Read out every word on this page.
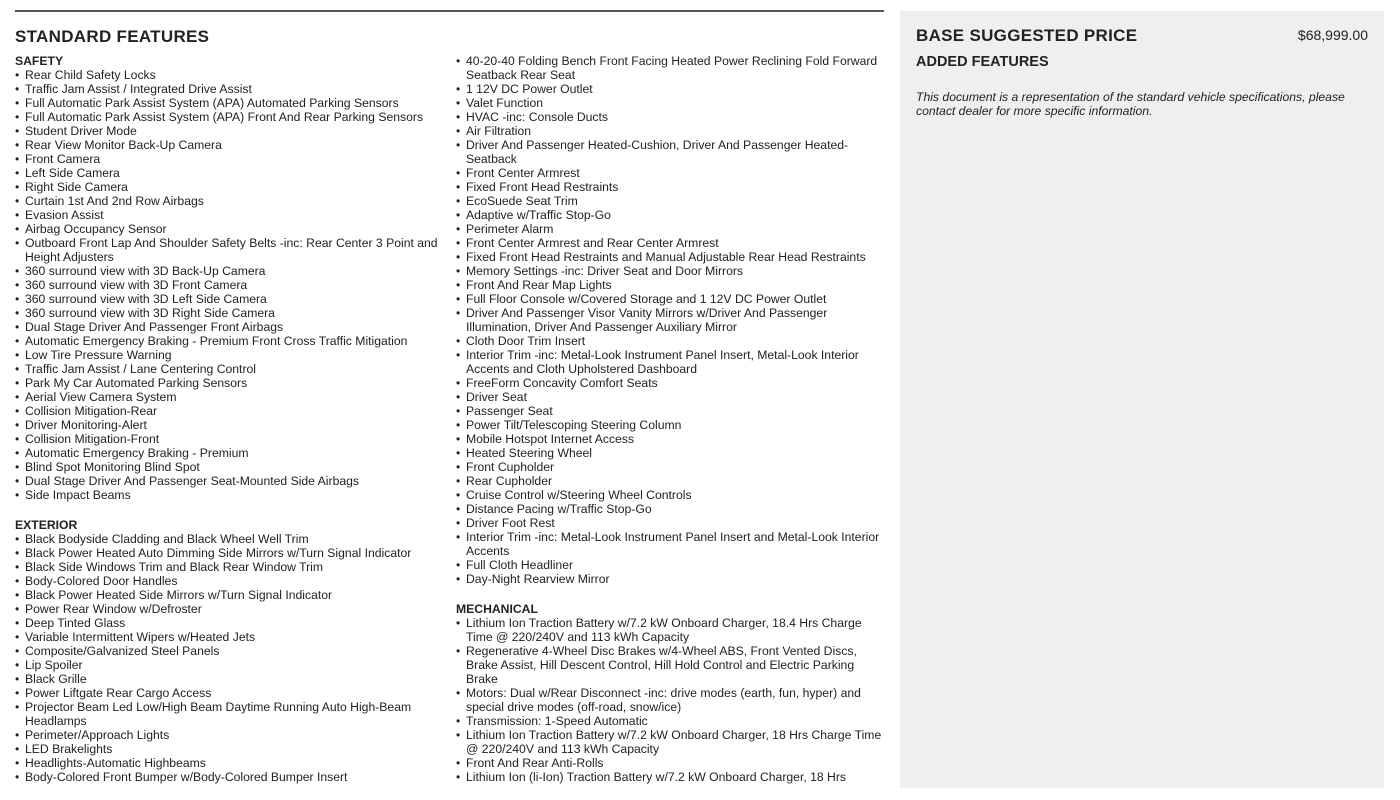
STANDARD FEATURES
SAFETY
• Rear Child Safety Locks
• Traffic Jam Assist / Integrated Drive Assist
• Full Automatic Park Assist System (APA) Automated Parking Sensors
• Full Automatic Park Assist System (APA) Front And Rear Parking Sensors
• Student Driver Mode
• Rear View Monitor Back-Up Camera
• Front Camera
• Left Side Camera
• Right Side Camera
• Curtain 1st And 2nd Row Airbags
• Evasion Assist
• Airbag Occupancy Sensor
• Outboard Front Lap And Shoulder Safety Belts -inc: Rear Center 3 Point and Height Adjusters
• 360 surround view with 3D Back-Up Camera
• 360 surround view with 3D Front Camera
• 360 surround view with 3D Left Side Camera
• 360 surround view with 3D Right Side Camera
• Dual Stage Driver And Passenger Front Airbags
• Automatic Emergency Braking - Premium Front Cross Traffic Mitigation
• Low Tire Pressure Warning
• Traffic Jam Assist / Lane Centering Control
• Park My Car Automated Parking Sensors
• Aerial View Camera System
• Collision Mitigation-Rear
• Driver Monitoring-Alert
• Collision Mitigation-Front
• Automatic Emergency Braking - Premium
• Blind Spot Monitoring Blind Spot
• Dual Stage Driver And Passenger Seat-Mounted Side Airbags
• Side Impact Beams
EXTERIOR
• Black Bodyside Cladding and Black Wheel Well Trim
• Black Power Heated Auto Dimming Side Mirrors w/Turn Signal Indicator
• Black Side Windows Trim and Black Rear Window Trim
• Body-Colored Door Handles
• Black Power Heated Side Mirrors w/Turn Signal Indicator
• Power Rear Window w/Defroster
• Deep Tinted Glass
• Variable Intermittent Wipers w/Heated Jets
• Composite/Galvanized Steel Panels
• Lip Spoiler
• Black Grille
• Power Liftgate Rear Cargo Access
• Projector Beam Led Low/High Beam Daytime Running Auto High-Beam Headlamps
• Perimeter/Approach Lights
• LED Brakelights
• Headlights-Automatic Highbeams
• Body-Colored Front Bumper w/Body-Colored Bumper Insert
• 40-20-40 Folding Bench Front Facing Heated Power Reclining Fold Forward Seatback Rear Seat
• 1 12V DC Power Outlet
• Valet Function
• HVAC -inc: Console Ducts
• Air Filtration
• Driver And Passenger Heated-Cushion, Driver And Passenger Heated-Seatback
• Front Center Armrest
• Fixed Front Head Restraints
• EcoSuede Seat Trim
• Adaptive w/Traffic Stop-Go
• Perimeter Alarm
• Front Center Armrest and Rear Center Armrest
• Fixed Front Head Restraints and Manual Adjustable Rear Head Restraints
• Memory Settings -inc: Driver Seat and Door Mirrors
• Front And Rear Map Lights
• Full Floor Console w/Covered Storage and 1 12V DC Power Outlet
• Driver And Passenger Visor Vanity Mirrors w/Driver And Passenger Illumination, Driver And Passenger Auxiliary Mirror
• Cloth Door Trim Insert
• Interior Trim -inc: Metal-Look Instrument Panel Insert, Metal-Look Interior Accents and Cloth Upholstered Dashboard
• FreeForm Concavity Comfort Seats
• Driver Seat
• Passenger Seat
• Power Tilt/Telescoping Steering Column
• Mobile Hotspot Internet Access
• Heated Steering Wheel
• Front Cupholder
• Rear Cupholder
• Cruise Control w/Steering Wheel Controls
• Distance Pacing w/Traffic Stop-Go
• Driver Foot Rest
• Interior Trim -inc: Metal-Look Instrument Panel Insert and Metal-Look Interior Accents
• Full Cloth Headliner
• Day-Night Rearview Mirror
MECHANICAL
• Lithium Ion Traction Battery w/7.2 kW Onboard Charger, 18.4 Hrs Charge Time @ 220/240V and 113 kWh Capacity
• Regenerative 4-Wheel Disc Brakes w/4-Wheel ABS, Front Vented Discs, Brake Assist, Hill Descent Control, Hill Hold Control and Electric Parking Brake
• Motors: Dual w/Rear Disconnect -inc: drive modes (earth, fun, hyper) and special drive modes (off-road, snow/ice)
• Transmission: 1-Speed Automatic
• Lithium Ion Traction Battery w/7.2 kW Onboard Charger, 18 Hrs Charge Time @ 220/240V and 113 kWh Capacity
• Front And Rear Anti-Rolls
• Lithium Ion (li-Ion) Traction Battery w/7.2 kW Onboard Charger, 18 Hrs
BASE SUGGESTED PRICE	$68,999.00
ADDED FEATURES
This document is a representation of the standard vehicle specifications, please contact dealer for more specific information.
